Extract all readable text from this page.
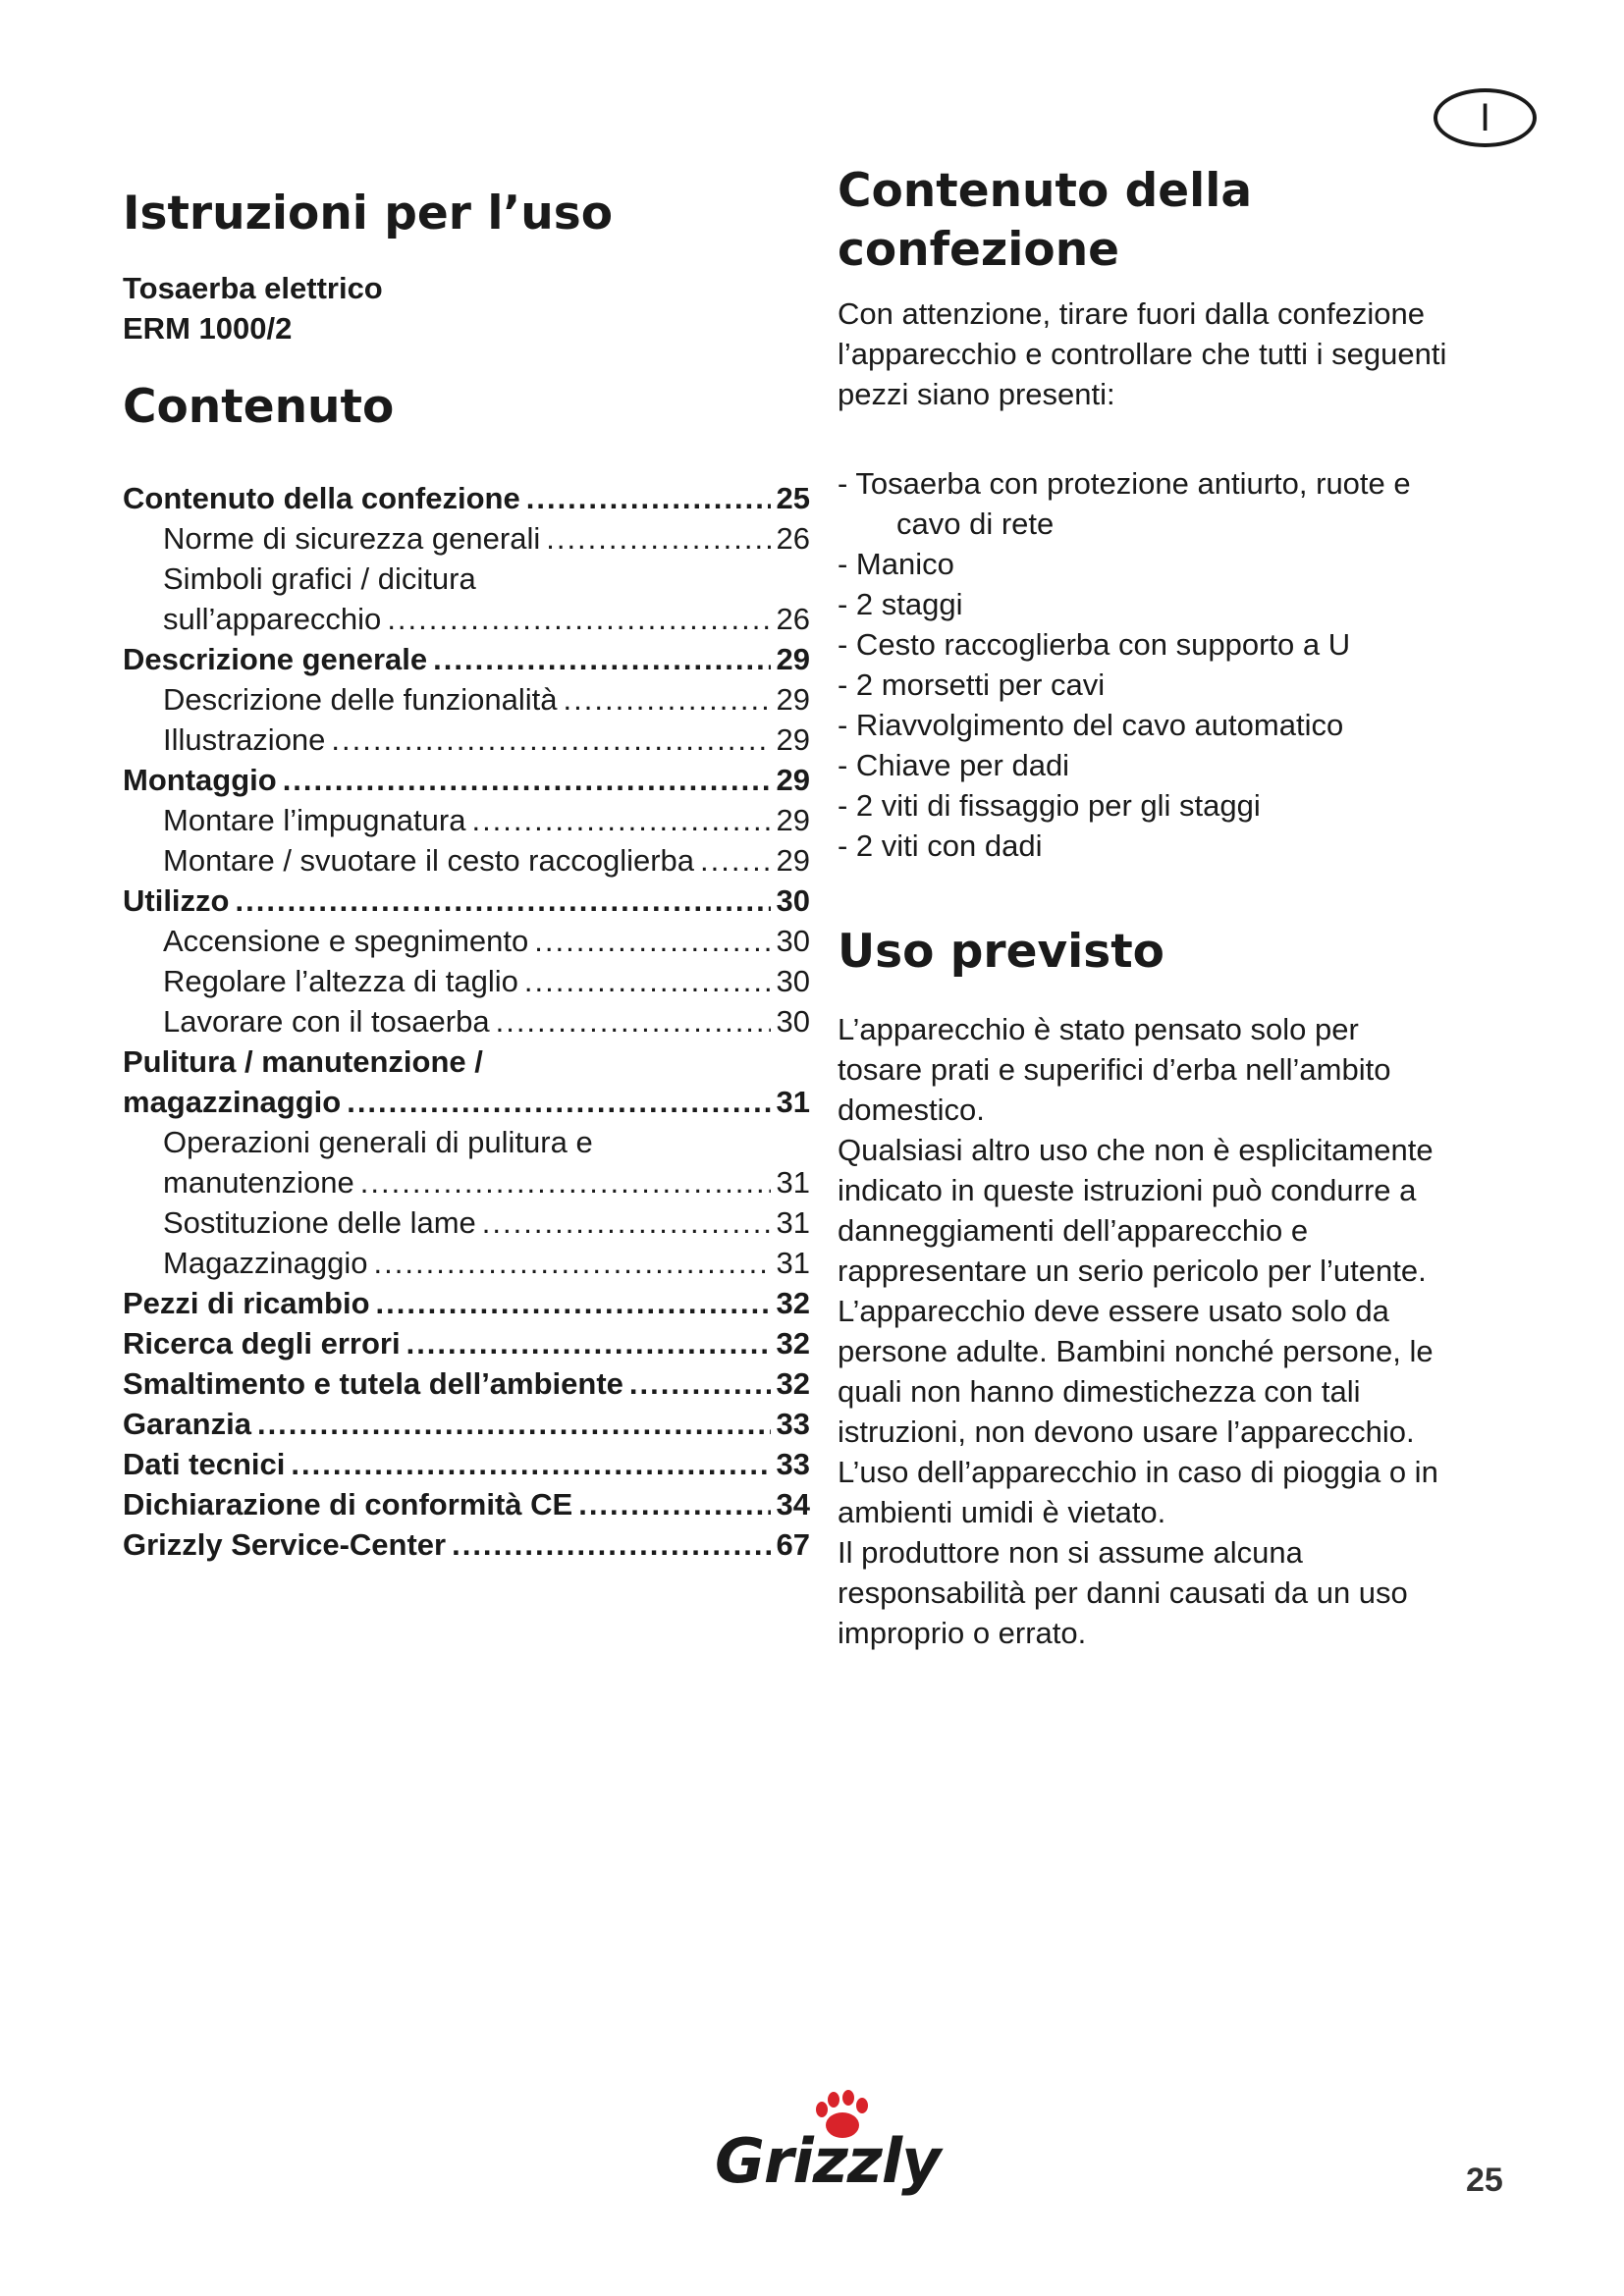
I
Istruzioni per l’uso

Tosaerba elettrico

ERM 1000/2

Contenuto
Contenuto della confezione .....	25
Norme di sicurezza generali .....	26
Simboli grafici / dicitura
sull’apparecchio .....	26
Descrizione generale .....	29
Descrizione delle funzionalità .....	29
Illustrazione .....	29
Montaggio .....	29
Montare l’impugnatura .....	29
Montare / svuotare il cesto raccoglierba .....	29
Utilizzo .....	30
Accensione e spegnimento .....	30
Regolare l’altezza di taglio .....	30
Lavorare con il tosaerba .....	30
Pulitura / manutenzione /
magazzinaggio .....	31
Operazioni generali di pulitura e
manutenzione .....	31
Sostituzione delle lame .....	31
Magazzinaggio .....	31
Pezzi di ricambio .....	32
Ricerca degli errori .....	32
Smaltimento e tutela dell’ambiente .....	32
Garanzia .....	33
Dati tecnici .....	33
Dichiarazione di conformità CE .....	34
Grizzly Service-Center .....	67
Contenuto della
confezione

Con attenzione, tirare fuori dalla confezione

l’apparecchio e controllare che tutti i seguenti

pezzi siano presenti:

- Tosaerba con protezione antiurto, ruote e
cavo di rete
- Manico
- 2 staggi
- Cesto raccoglierba con supporto a U
- 2 morsetti per cavi
- Riavvolgimento del cavo automatico
- Chiave per dadi
- 2 viti di fissaggio per gli staggi
- 2 viti con dadi
Uso previsto

L’apparecchio è stato pensato solo per

tosare prati e superifici d’erba nell’ambito

domestico.

Qualsiasi altro uso che non è esplicitamente

indicato in queste istruzioni può condurre a

danneggiamenti dell’apparecchio e

rappresentare un serio pericolo per l’utente.

L’apparecchio deve essere usato solo da

persone adulte. Bambini nonché persone, le

quali non hanno dimestichezza con tali

istruzioni, non devono usare l’apparecchio.

L’uso dell’apparecchio in caso di pioggia o in

ambienti umidi è vietato.

Il produttore non si assume alcuna

responsabilità per danni causati da un uso

improprio o errato.

Grizzly	25
